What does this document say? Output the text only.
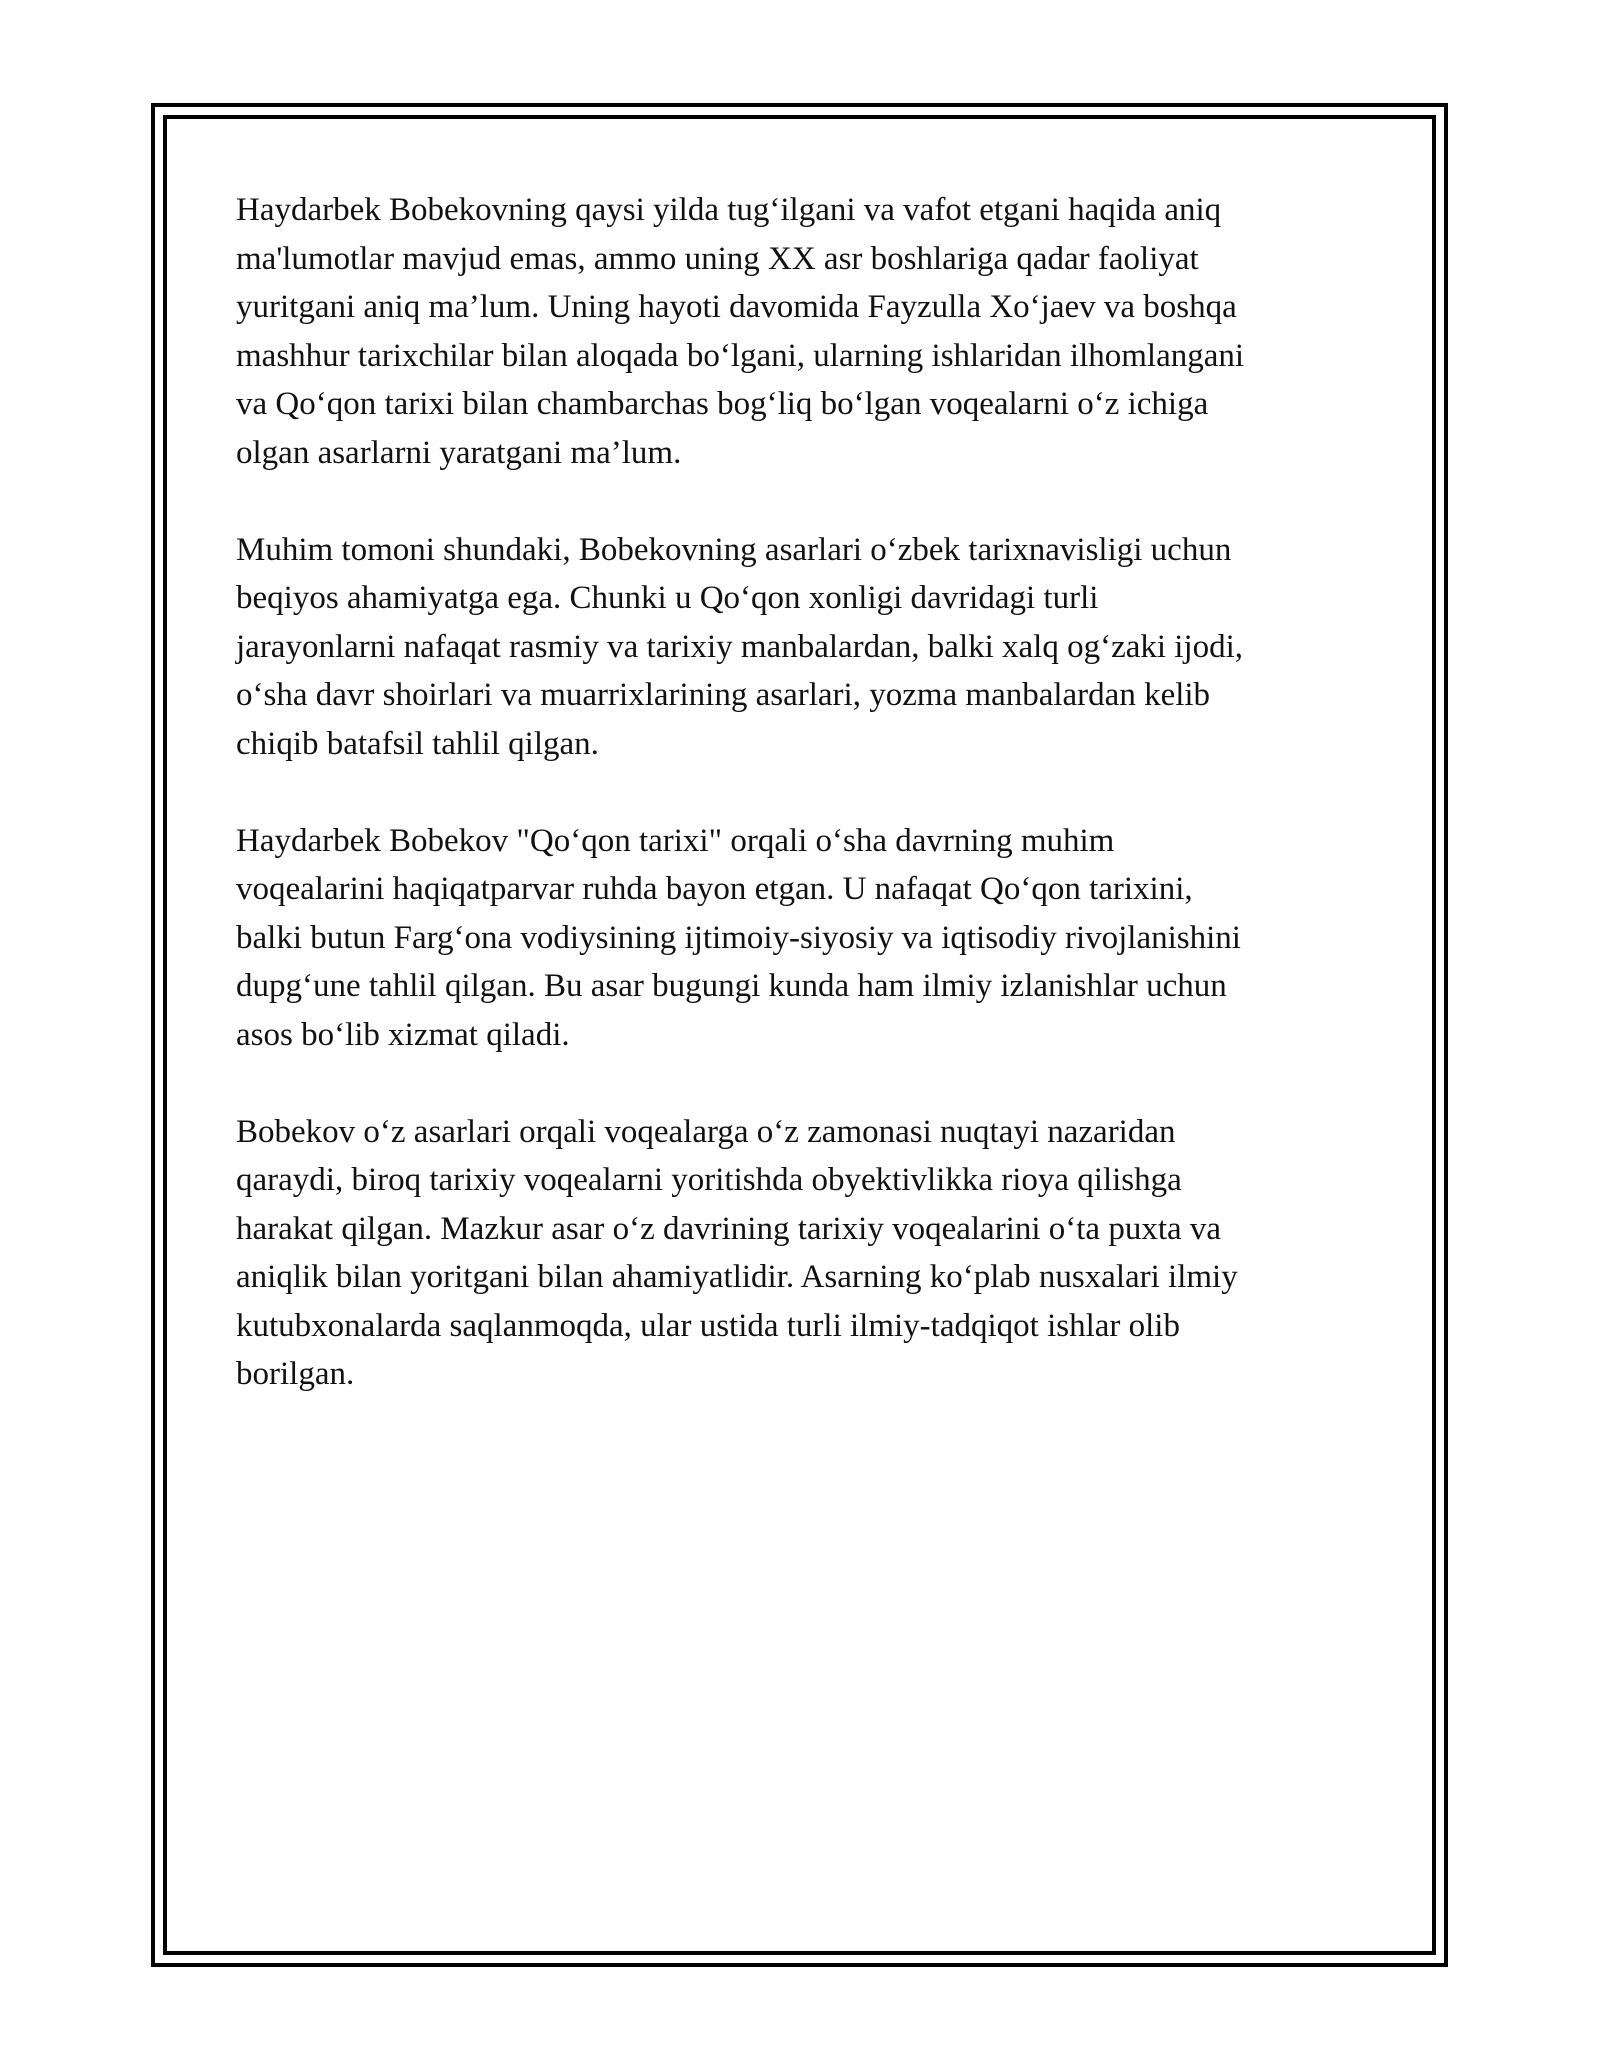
Haydarbek Bobekovning qaysi yilda tug‘ilgani va vafot etgani haqida aniq
ma'lumotlar mavjud emas, ammo uning XX asr boshlariga qadar faoliyat
yuritgani aniq ma’lum. Uning hayoti davomida Fayzulla Xo‘jaev va boshqa
mashhur tarixchilar bilan aloqada bo‘lgani, ularning ishlaridan ilhomlangani
va Qo‘qon tarixi bilan chambarchas bog‘liq bo‘lgan voqealarni o‘z ichiga
olgan asarlarni yaratgani ma’lum.

Muhim tomoni shundaki, Bobekovning asarlari o‘zbek tarixnavisligi uchun
beqiyos ahamiyatga ega. Chunki u Qo‘qon xonligi davridagi turli
jarayonlarni nafaqat rasmiy va tarixiy manbalardan, balki xalq og‘zaki ijodi,
o‘sha davr shoirlari va muarrixlarining asarlari, yozma manbalardan kelib
chiqib batafsil tahlil qilgan.

Haydarbek Bobekov "Qo‘qon tarixi" orqali o‘sha davrning muhim
voqealarini haqiqatparvar ruhda bayon etgan. U nafaqat Qo‘qon tarixini,
balki butun Farg‘ona vodiysining ijtimoiy-siyosiy va iqtisodiy rivojlanishini
dupg‘une tahlil qilgan. Bu asar bugungi kunda ham ilmiy izlanishlar uchun
asos bo‘lib xizmat qiladi.

Bobekov o‘z asarlari orqali voqealarga o‘z zamonasi nuqtayi nazaridan
qaraydi, biroq tarixiy voqealarni yoritishda obyektivlikka rioya qilishga
harakat qilgan. Mazkur asar o‘z davrining tarixiy voqealarini o‘ta puxta va
aniqlik bilan yoritgani bilan ahamiyatlidir. Asarning ko‘plab nusxalari ilmiy
kutubxonalarda saqlanmoqda, ular ustida turli ilmiy-tadqiqot ishlar olib
borilgan.
